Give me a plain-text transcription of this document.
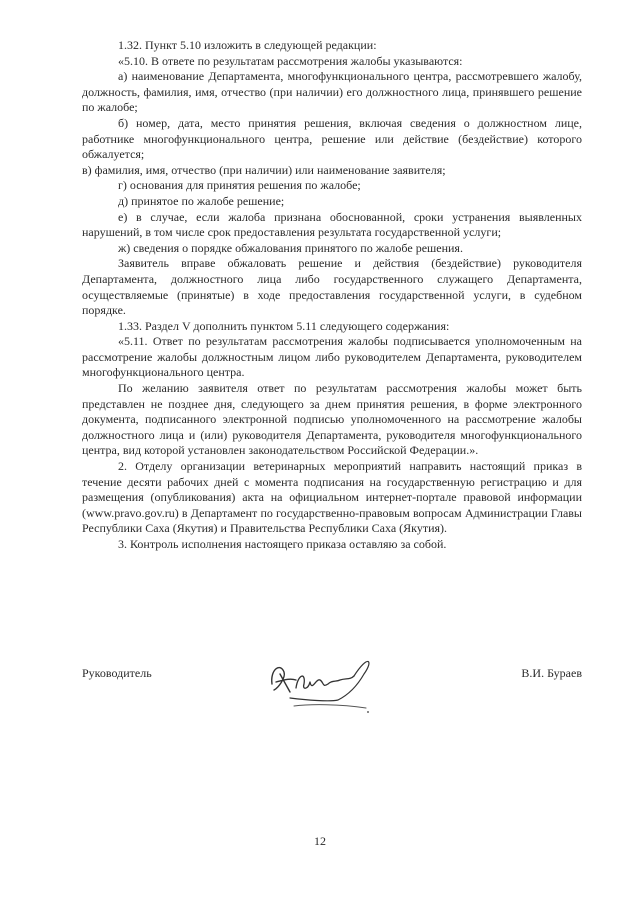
1.32. Пункт 5.10 изложить в следующей редакции:

«5.10. В ответе по результатам рассмотрения жалобы указываются:

а) наименование Департамента, многофункционального центра, рассмотревшего жалобу, должность, фамилия, имя, отчество (при наличии) его должностного лица, принявшего решение по жалобе;

б) номер, дата, место принятия решения, включая сведения о должностном лице, работнике многофункционального центра, решение или действие (бездействие) которого обжалуется;

в) фамилия, имя, отчество (при наличии) или наименование заявителя;

г) основания для принятия решения по жалобе;

д) принятое по жалобе решение;

е) в случае, если жалоба признана обоснованной, сроки устранения выявленных нарушений, в том числе срок предоставления результата государственной услуги;

ж) сведения о порядке обжалования принятого по жалобе решения.

Заявитель вправе обжаловать решение и действия (бездействие) руководителя Департамента, должностного лица либо государственного служащего Департамента, осуществляемые (принятые) в ходе предоставления государственной услуги, в судебном порядке.

1.33. Раздел V дополнить пунктом 5.11 следующего содержания:

«5.11. Ответ по результатам рассмотрения жалобы подписывается уполномоченным на рассмотрение жалобы должностным лицом либо руководителем Департамента, руководителем многофункционального центра.

По желанию заявителя ответ по результатам рассмотрения жалобы может быть представлен не позднее дня, следующего за днем принятия решения, в форме электронного документа, подписанного электронной подписью уполномоченного на рассмотрение жалобы должностного лица и (или) руководителя Департамента, руководителя многофункционального центра, вид которой установлен законодательством Российской Федерации.».

2. Отделу организации ветеринарных мероприятий направить настоящий приказ в течение десяти рабочих дней с момента подписания на государственную регистрацию и для размещения (опубликования) акта на официальном интернет-портале правовой информации (www.pravo.gov.ru) в Департамент по государственно-правовым вопросам Администрации Главы Республики Саха (Якутия) и Правительства Республики Саха (Якутия).

3. Контроль исполнения настоящего приказа оставляю за собой.

Руководитель	В.И. Бураев
12
